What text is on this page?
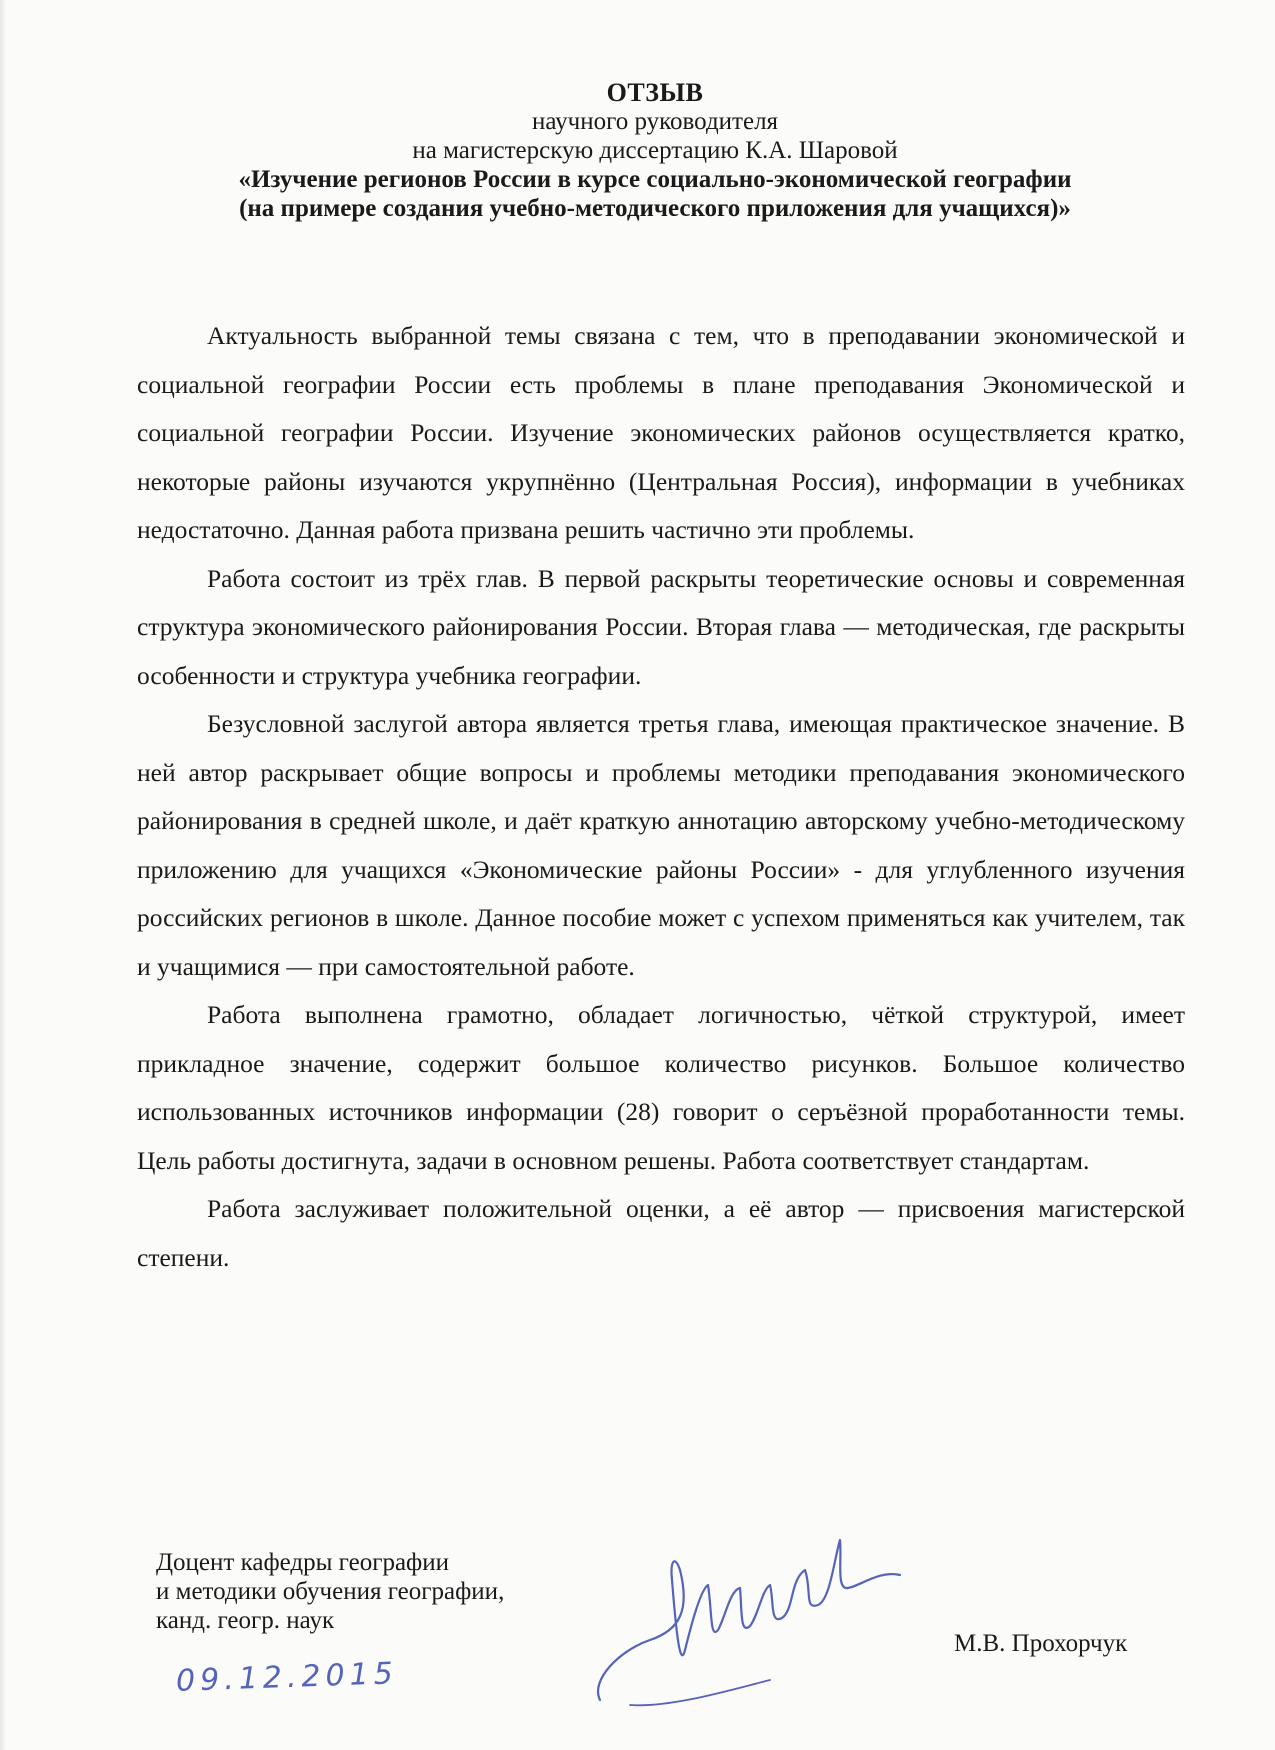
ОТЗЫВ
научного руководителя
на магистерскую диссертацию К.А. Шаровой
«Изучение регионов России в курсе социально-экономической географии
(на примере создания учебно-методического приложения для учащихся)»

Актуальность выбранной темы связана с тем, что в преподавании экономической и социальной географии России есть проблемы в плане преподавания Экономической и социальной географии России. Изучение экономических районов осуществляется кратко, некоторые районы изучаются укрупнённо (Центральная Россия), информации в учебниках недостаточно. Данная работа призвана решить частично эти проблемы.

Работа состоит из трёх глав. В первой раскрыты теоретические основы и современная структура экономического районирования России. Вторая глава — методическая, где раскрыты особенности и структура учебника географии.

Безусловной заслугой автора является третья глава, имеющая практическое значение. В ней автор раскрывает общие вопросы и проблемы методики преподавания экономического районирования в средней школе, и даёт краткую аннотацию авторскому учебно-методическому приложению для учащихся «Экономические районы России» - для углубленного изучения российских регионов в школе. Данное пособие может с успехом применяться как учителем, так и учащимися — при самостоятельной работе.

Работа выполнена грамотно, обладает логичностью, чёткой структурой, имеет прикладное значение, содержит большое количество рисунков. Большое количество использованных источников информации (28) говорит о серъёзной проработанности темы. Цель работы достигнута, задачи в основном решены. Работа соответствует стандартам.

Работа заслуживает положительной оценки, а её автор — присвоения магистерской степени.

Доцент кафедры географии
и методики обучения географии,
канд. геогр. наук
09.12.2015
М.В. Прохорчук
